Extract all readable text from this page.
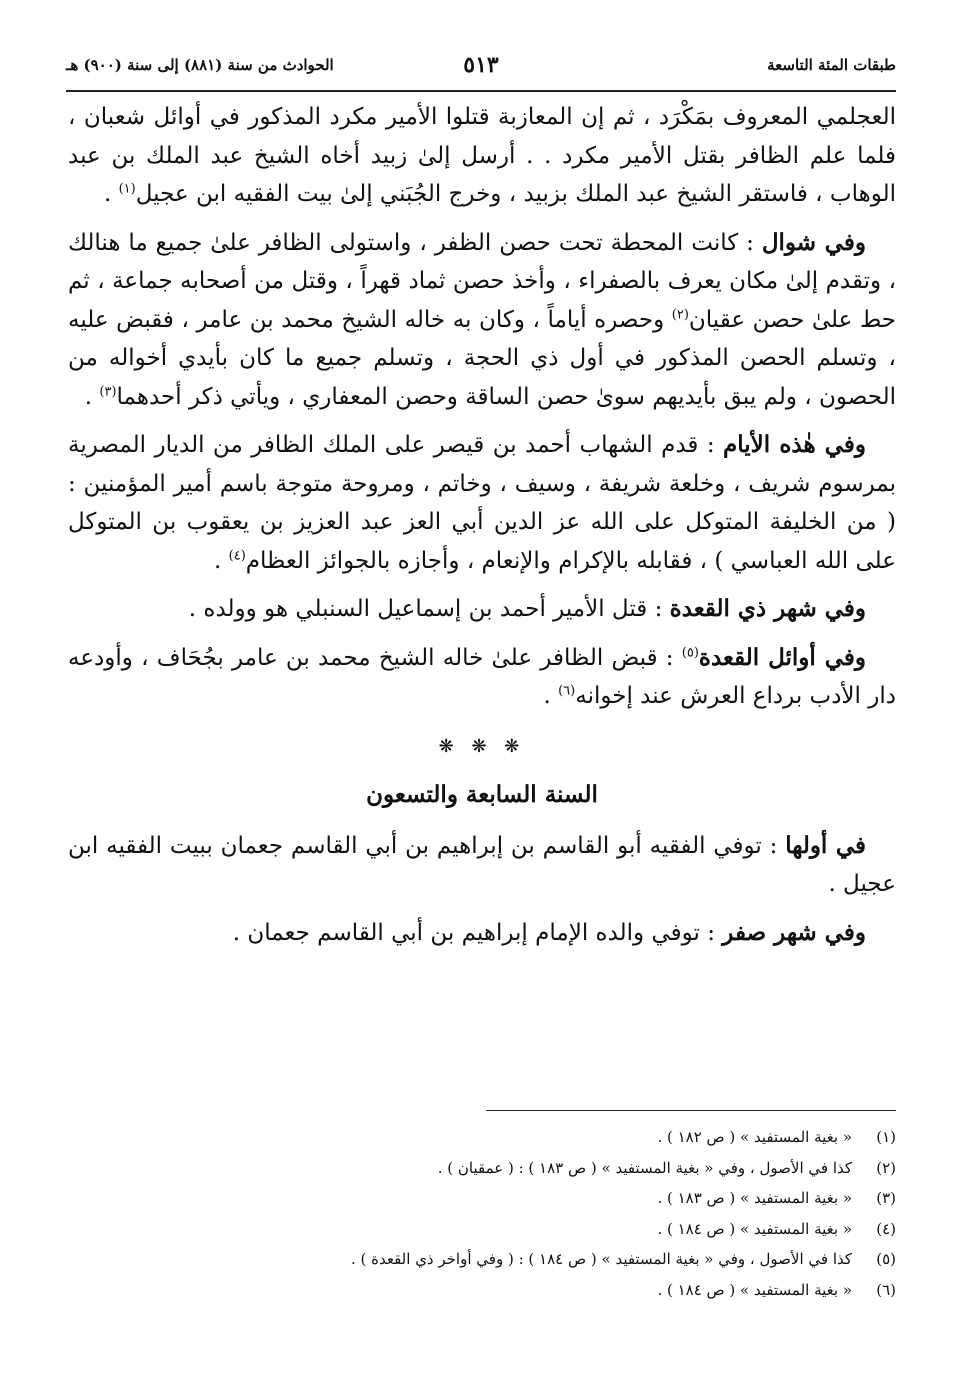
طبقات المئة التاسعة
٥١٣
الحوادث من سنة (٨٨١) إلى سنة (٩٠٠) هـ

العجلمي المعروف بمَكْرَد ، ثم إن المعازبة قتلوا الأمير مكرد المذكور في أوائل شعبان ، فلما علم الظافر بقتل الأمير مكرد . . أرسل إلىٰ زبيد أخاه الشيخ عبد الملك بن عبد الوهاب ، فاستقر الشيخ عبد الملك بزبيد ، وخرج الجُبَني إلىٰ بيت الفقيه ابن عجيل$^{(١)}$ .

وفي شوال : كانت المحطة تحت حصن الظفر ، واستولى الظافر علىٰ جميع ما هنالك ، وتقدم إلىٰ مكان يعرف بالصفراء ، وأخذ حصن ثماد قهراً ، وقتل من أصحابه جماعة ، ثم حط علىٰ حصن عقيان$^{(٢)}$ وحصره أياماً ، وكان به خاله الشيخ محمد بن عامر ، فقبض عليه ، وتسلم الحصن المذكور في أول ذي الحجة ، وتسلم جميع ما كان بأيدي أخواله من الحصون ، ولم يبق بأيديهم سوىٰ حصن الساقة وحصن المعفاري ، ويأتي ذكر أحدهما$^{(٣)}$ .

وفي هٰذه الأيام : قدم الشهاب أحمد بن قيصر على الملك الظافر من الديار المصرية بمرسوم شريف ، وخلعة شريفة ، وسيف ، وخاتم ، ومروحة متوجة باسم أمير المؤمنين : ( من الخليفة المتوكل على الله عز الدين أبي العز عبد العزيز بن يعقوب بن المتوكل على الله العباسي ) ، فقابله بالإكرام والإنعام ، وأجازه بالجوائز العظام$^{(٤)}$ .

وفي شهر ذي القعدة : قتل الأمير أحمد بن إسماعيل السنبلي هو وولده .

وفي أوائل القعدة$^{(٥)}$ : قبض الظافر علىٰ خاله الشيخ محمد بن عامر بجُحَاف ، وأودعه دار الأدب برداع العرش عند إخوانه$^{(٦)}$ .

❋ ❋ ❋
السنة السابعة والتسعون

في أولها : توفي الفقيه أبو القاسم بن إبراهيم بن أبي القاسم جعمان ببيت الفقيه ابن عجيل .

وفي شهر صفر : توفي والده الإمام إبراهيم بن أبي القاسم جعمان .

(١)
« بغية المستفيد » ( ص ١٨٢ ) .
(٢)
كذا في الأصول ، وفي « بغية المستفيد » ( ص ١٨٣ ) : ( عمقيان ) .
(٣)
« بغية المستفيد » ( ص ١٨٣ ) .
(٤)
« بغية المستفيد » ( ص ١٨٤ ) .
(٥)
كذا في الأصول ، وفي « بغية المستفيد » ( ص ١٨٤ ) : ( وفي أواخر ذي القعدة ) .
(٦)
« بغية المستفيد » ( ص ١٨٤ ) .
